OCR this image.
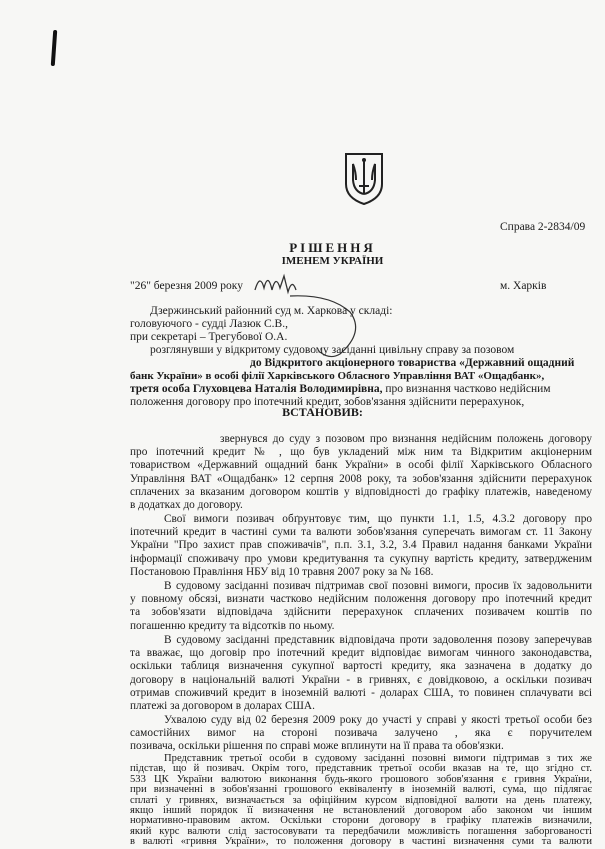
Справа 2-2834/09
РІШЕННЯ
ІМЕНЕМ УКРАЇНИ
"26" березня 2009 року	м. Харків
Дзержинський районний суд м. Харкова у складі:
головуючого - судді Лазюк С.В.,
при секретарі – Трегубової О.А.
розглянувши у відкритому судовому засіданні цивільну справу за позовом
до Відкритого акціонерного товариства «Державний ощадний
банк України» в особі філії Харківського Обласного Управління ВАТ «Ощадбанк»,
третя особа Глуховцева Наталія Володимирівна, про визнання частково недійсним
положення договору про іпотечний кредит, зобов'язання здійснити перерахунок,
ВСТАНОВИВ:

звернувся до суду з позовом про визнання недійсним положень договору

про іпотечний кредит № , що був укладений між ним та Відкритим акціонерним

товариством «Державний ощадний банк України» в особі філії Харківського Обласного

Управління ВАТ «Ощадбанк» 12 серпня 2008 року, та зобов'язання здійснити перерахунок

сплачених за вказаним договором коштів у відповідності до графіку платежів, наведеному

в додатках до договору.

Свої вимоги позивач обґрунтовує тим, що пункти 1.1, 1.5, 4.3.2 договору про

іпотечний кредит в частині суми та валюти зобов'язання суперечать вимогам ст. 11 Закону

України "Про захист прав споживачів", п.п. 3.1, 3.2, 3.4 Правил надання банками України

інформації споживачу про умови кредитування та сукупну вартість кредиту, затвердженим

Постановою Правління НБУ від 10 травня 2007 року за № 168.

В судовому засіданні позивач підтримав свої позовні вимоги, просив їх задовольнити

у повному обсязі, визнати частково недійсним положення договору про іпотечний кредит

та зобов'язати відповідача здійснити перерахунок сплачених позивачем коштів по

погашенню кредиту та відсотків по ньому.

В судовому засіданні представник відповідача проти задоволення позову заперечував

та вважає, що договір про іпотечний кредит відповідає вимогам чинного законодавства,

оскільки таблиця визначення сукупної вартості кредиту, яка зазначена в додатку до

договору в національній валюті України - в гривнях, є довідковою, а оскільки позивач

отримав споживчий кредит в іноземній валюті - доларах США, то повинен сплачувати всі

платежі за договором в доларах США.

Ухвалою суду від 02 березня 2009 року до участі у справі у якості третьої особи без

самостійних вимог на стороні позивача залучено , яка є поручителем

позивача, оскільки рішення по справі може вплинути на її права та обов'язки.

Представник третьої особи в судовому засіданні позовні вимоги підтримав з тих же

підстав, що й позивач. Окрім того, представник третьої особи вказав на те, що згідно ст.

533 ЦК України валютою виконання будь-якого грошового зобов'язання є гривня України,

при визначенні в зобов'язанні грошового еквіваленту в іноземній валюті, сума, що підлягає

сплаті у гривнях, визначається за офіційним курсом відповідної валюти на день платежу,

якщо інший порядок її визначення не встановлений договором або законом чи іншим

нормативно-правовим актом. Оскільки сторони договору в графіку платежів визначили,

який курс валюти слід застосовувати та передбачили можливість погашення заборгованості

в валюті «гривня України», то положення договору в частині визначення суми та валюти
